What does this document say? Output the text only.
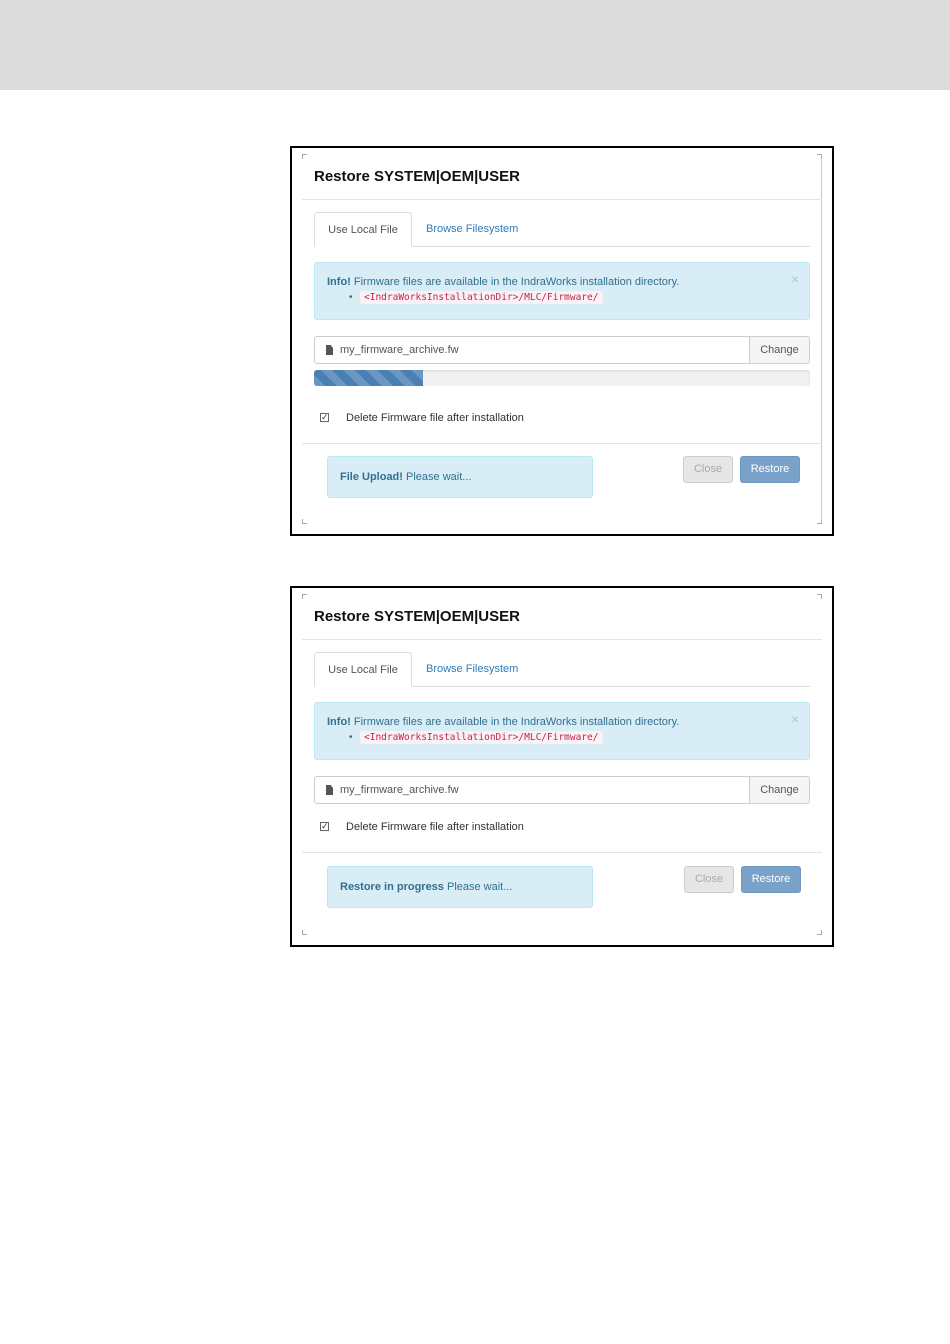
Restore SYSTEM|OEM|USER
Use Local File	Browse Filesystem
Info! Firmware files are available in the IndraWorks installation directory.	×
•	<IndraWorksInstallationDir>/MLC/Firmware/
my_firmware_archive.fw	Change
✓ Delete Firmware file after installation
File Upload! Please wait...
Close	Restore
Restore SYSTEM|OEM|USER
Use Local File	Browse Filesystem
Info! Firmware files are available in the IndraWorks installation directory.	×
•	<IndraWorksInstallationDir>/MLC/Firmware/
my_firmware_archive.fw	Change
✓ Delete Firmware file after installation
Restore in progress Please wait...
Close	Restore
